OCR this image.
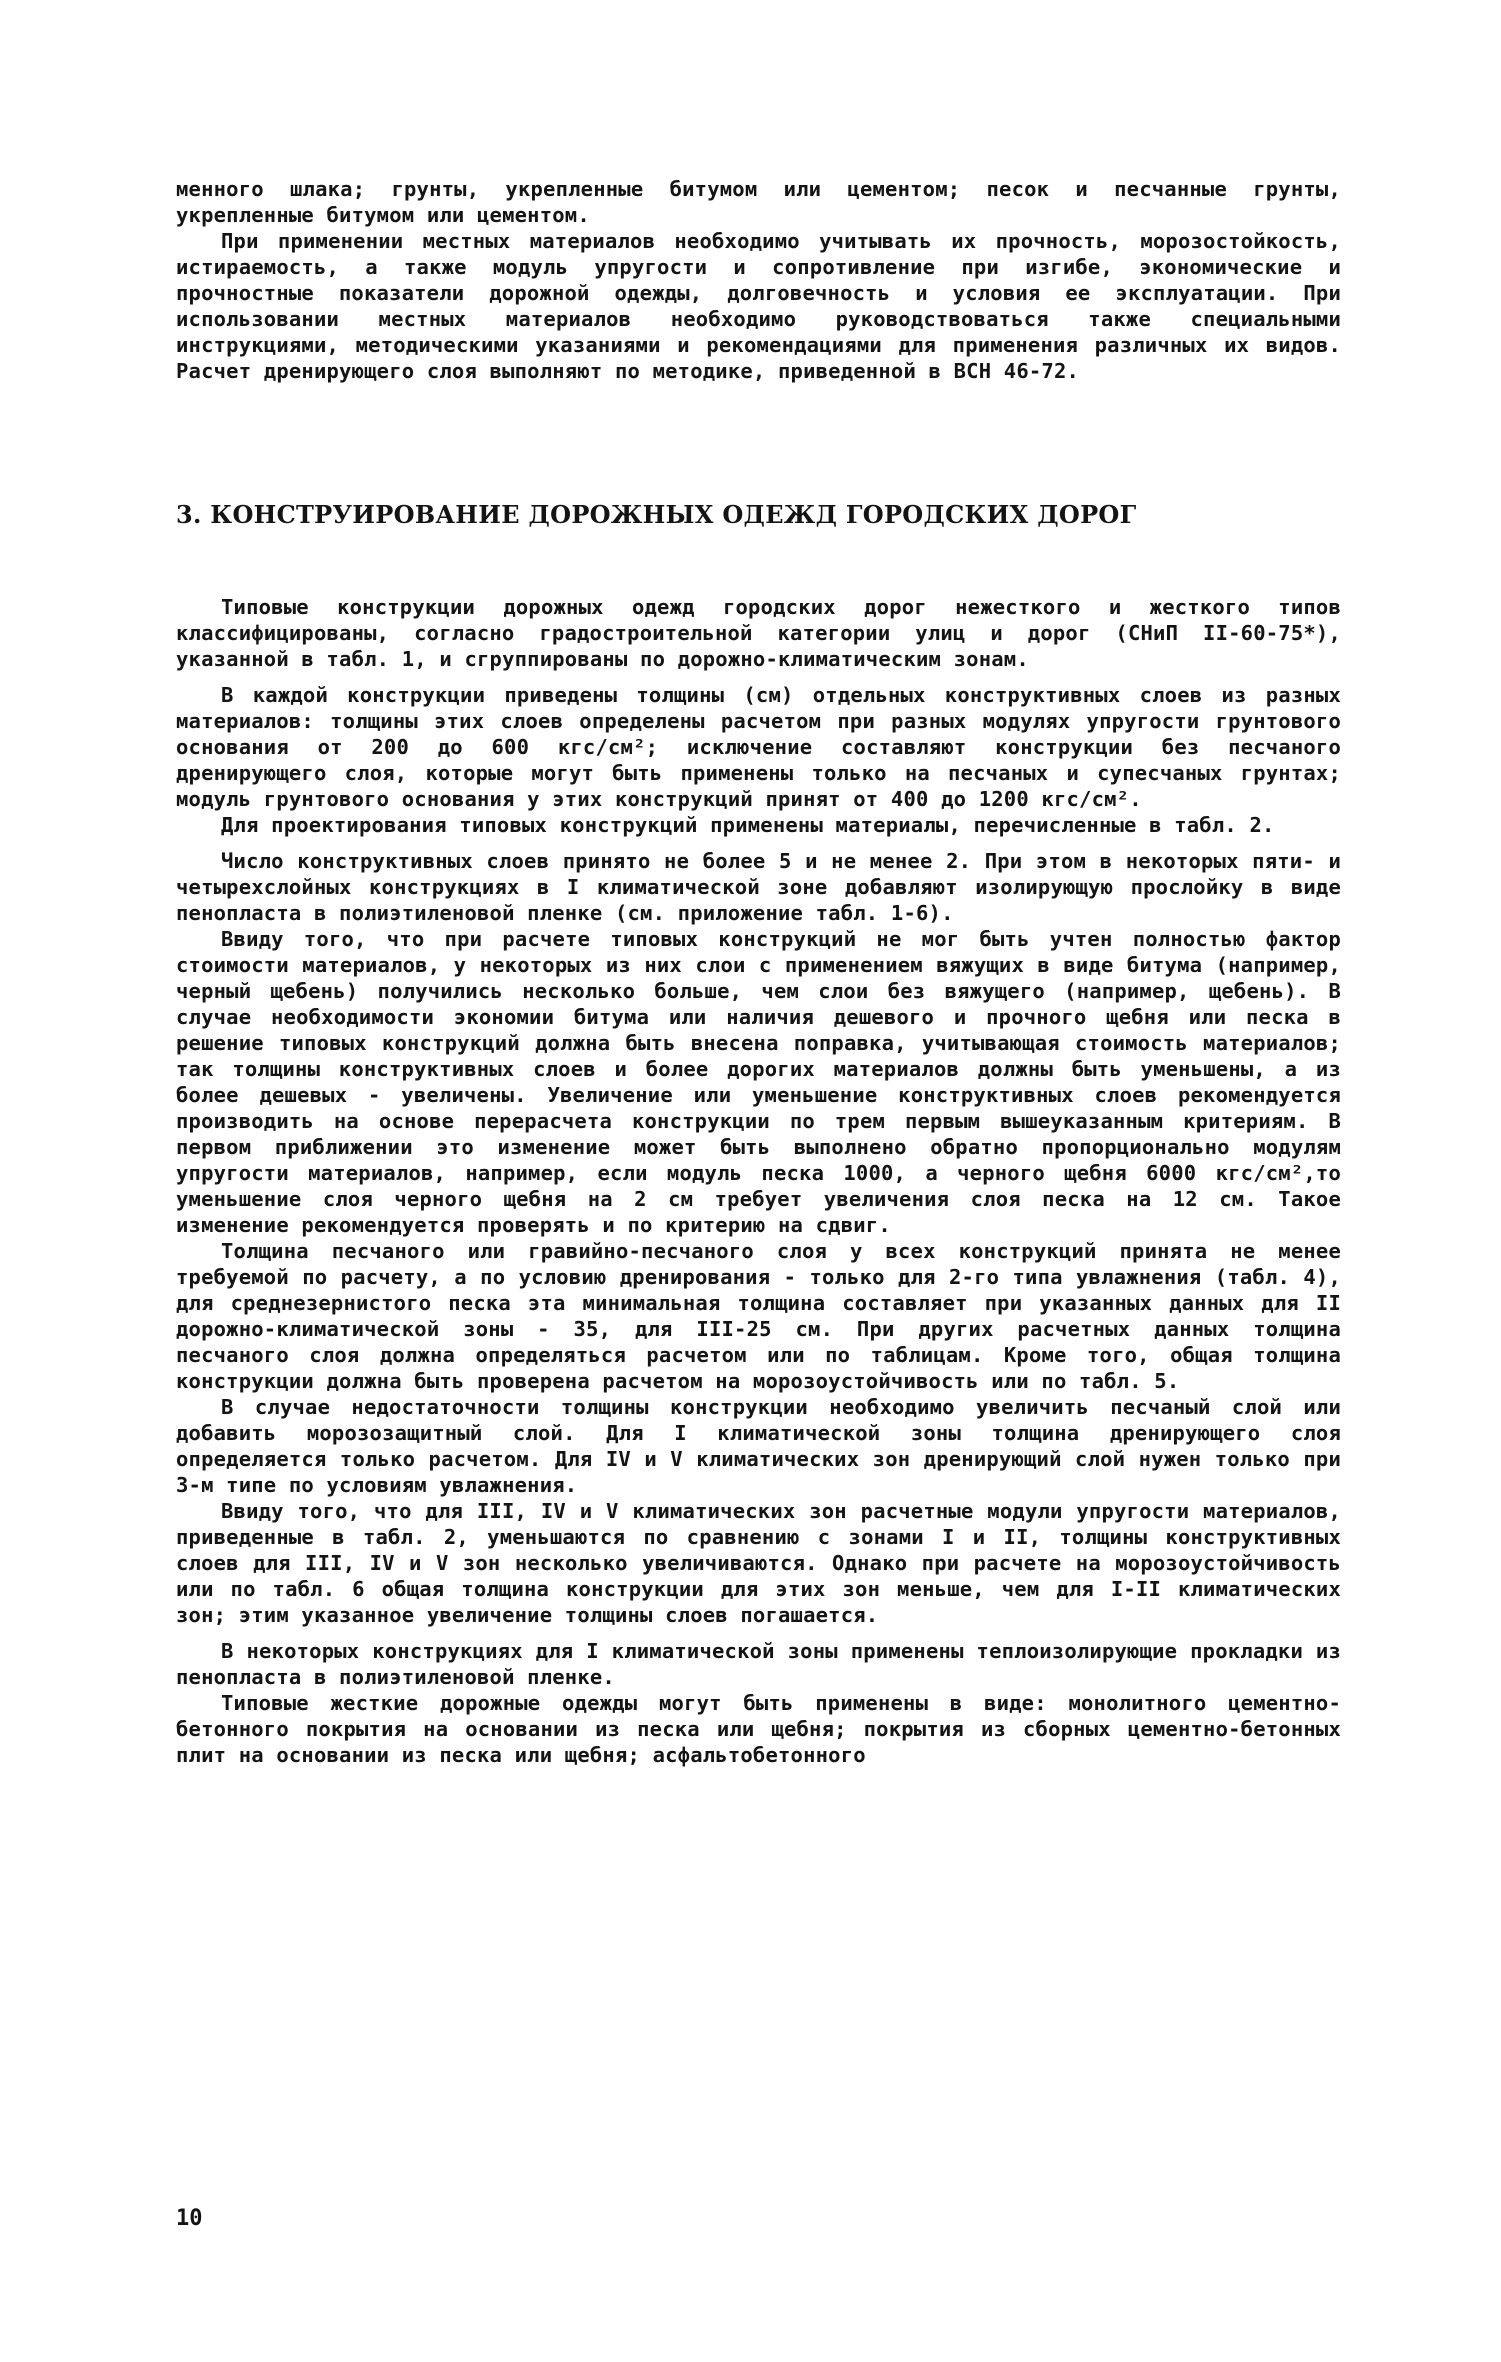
менного шлака; грунты, укрепленные битумом или цементом; песок и песчанные грунты, укрепленные битумом или цементом.

При применении местных материалов необходимо учитывать их прочность, морозостойкость, истираемость, а также модуль упругости и сопротивление при изгибе, экономические и прочностные показатели дорожной одежды, долговечность и условия ее эксплуатации. При использовании местных материалов необходимо руководствоваться также специальными инструкциями, методическими указаниями и рекомендациями для применения различных их видов. Расчет дренирующего слоя выполняют по методике, приведенной в ВСН 46-72.

3. КОНСТРУИРОВАНИЕ ДОРОЖНЫХ ОДЕЖД ГОРОДСКИХ ДОРОГ

Типовые конструкции дорожных одежд городских дорог нежесткого и жесткого типов классифицированы, согласно градостроительной категории улиц и дорог (СНиП II-60-75*), указанной в табл. 1, и сгруппированы по дорожно-климатическим зонам.

В каждой конструкции приведены толщины (см) отдельных конструктивных слоев из разных материалов: толщины этих слоев определены расчетом при разных модулях упругости грунтового основания от 200 до 600 кгс/см²; исключение составляют конструкции без песчаного дренирующего слоя, которые могут быть применены только на песчаных и супесчаных грунтах; модуль грунтового основания у этих конструкций принят от 400 до 1200 кгс/см².

Для проектирования типовых конструкций применены материалы, перечисленные в табл. 2.

Число конструктивных слоев принято не более 5 и не менее 2. При этом в некоторых пяти- и четырехслойных конструкциях в I климатической зоне добавляют изолирующую прослойку в виде пенопласта в полиэтиленовой пленке (см. приложение табл. 1-6).

Ввиду того, что при расчете типовых конструкций не мог быть учтен полностью фактор стоимости материалов, у некоторых из них слои с применением вяжущих в виде битума (например, черный щебень) получились несколько больше, чем слои без вяжущего (например, щебень). В случае необходимости экономии битума или наличия дешевого и прочного щебня или песка в решение типовых конструкций должна быть внесена поправка, учитывающая стоимость материалов; так толщины конструктивных слоев и более дорогих материалов должны быть уменьшены, а из более дешевых - увеличены. Увеличение или уменьшение конструктивных слоев рекомендуется производить на основе перерасчета конструкции по трем первым вышеуказанным критериям. В первом приближении это изменение может быть выполнено обратно пропорционально модулям упругости материалов, например, если модуль песка 1000, а черного щебня 6000 кгс/см²,то уменьшение слоя черного щебня на 2 см требует увеличения слоя песка на 12 см. Такое изменение рекомендуется проверять и по критерию на сдвиг.

Толщина песчаного или гравийно-песчаного слоя у всех конструкций принята не менее требуемой по расчету, а по условию дренирования - только для 2-го типа увлажнения (табл. 4), для среднезернистого песка эта минимальная толщина составляет при указанных данных для II дорожно-климатической зоны - 35, для III-25 см. При других расчетных данных толщина песчаного слоя должна определяться расчетом или по таблицам. Кроме того, общая толщина конструкции должна быть проверена расчетом на морозоустойчивость или по табл. 5.

В случае недостаточности толщины конструкции необходимо увеличить песчаный слой или добавить морозозащитный слой. Для I климатической зоны толщина дренирующего слоя определяется только расчетом. Для IV и V климатических зон дренирующий слой нужен только при 3-м типе по условиям увлажнения.

Ввиду того, что для III, IV и V климатических зон расчетные модули упругости материалов, приведенные в табл. 2, уменьшаются по сравнению с зонами I и II, толщины конструктивных слоев для III, IV и V зон несколько увеличиваются. Однако при расчете на морозоустойчивость или по табл. 6 общая толщина конструкции для этих зон меньше, чем для I-II климатических зон; этим указанное увеличение толщины слоев погашается.

В некоторых конструкциях для I климатической зоны применены теплоизолирующие прокладки из пенопласта в полиэтиленовой пленке.

Типовые жесткие дорожные одежды могут быть применены в виде: монолитного цементно-бетонного покрытия на основании из песка или щебня; покрытия из сборных цементно-бетонных плит на основании из песка или щебня; асфальтобетонного

10
